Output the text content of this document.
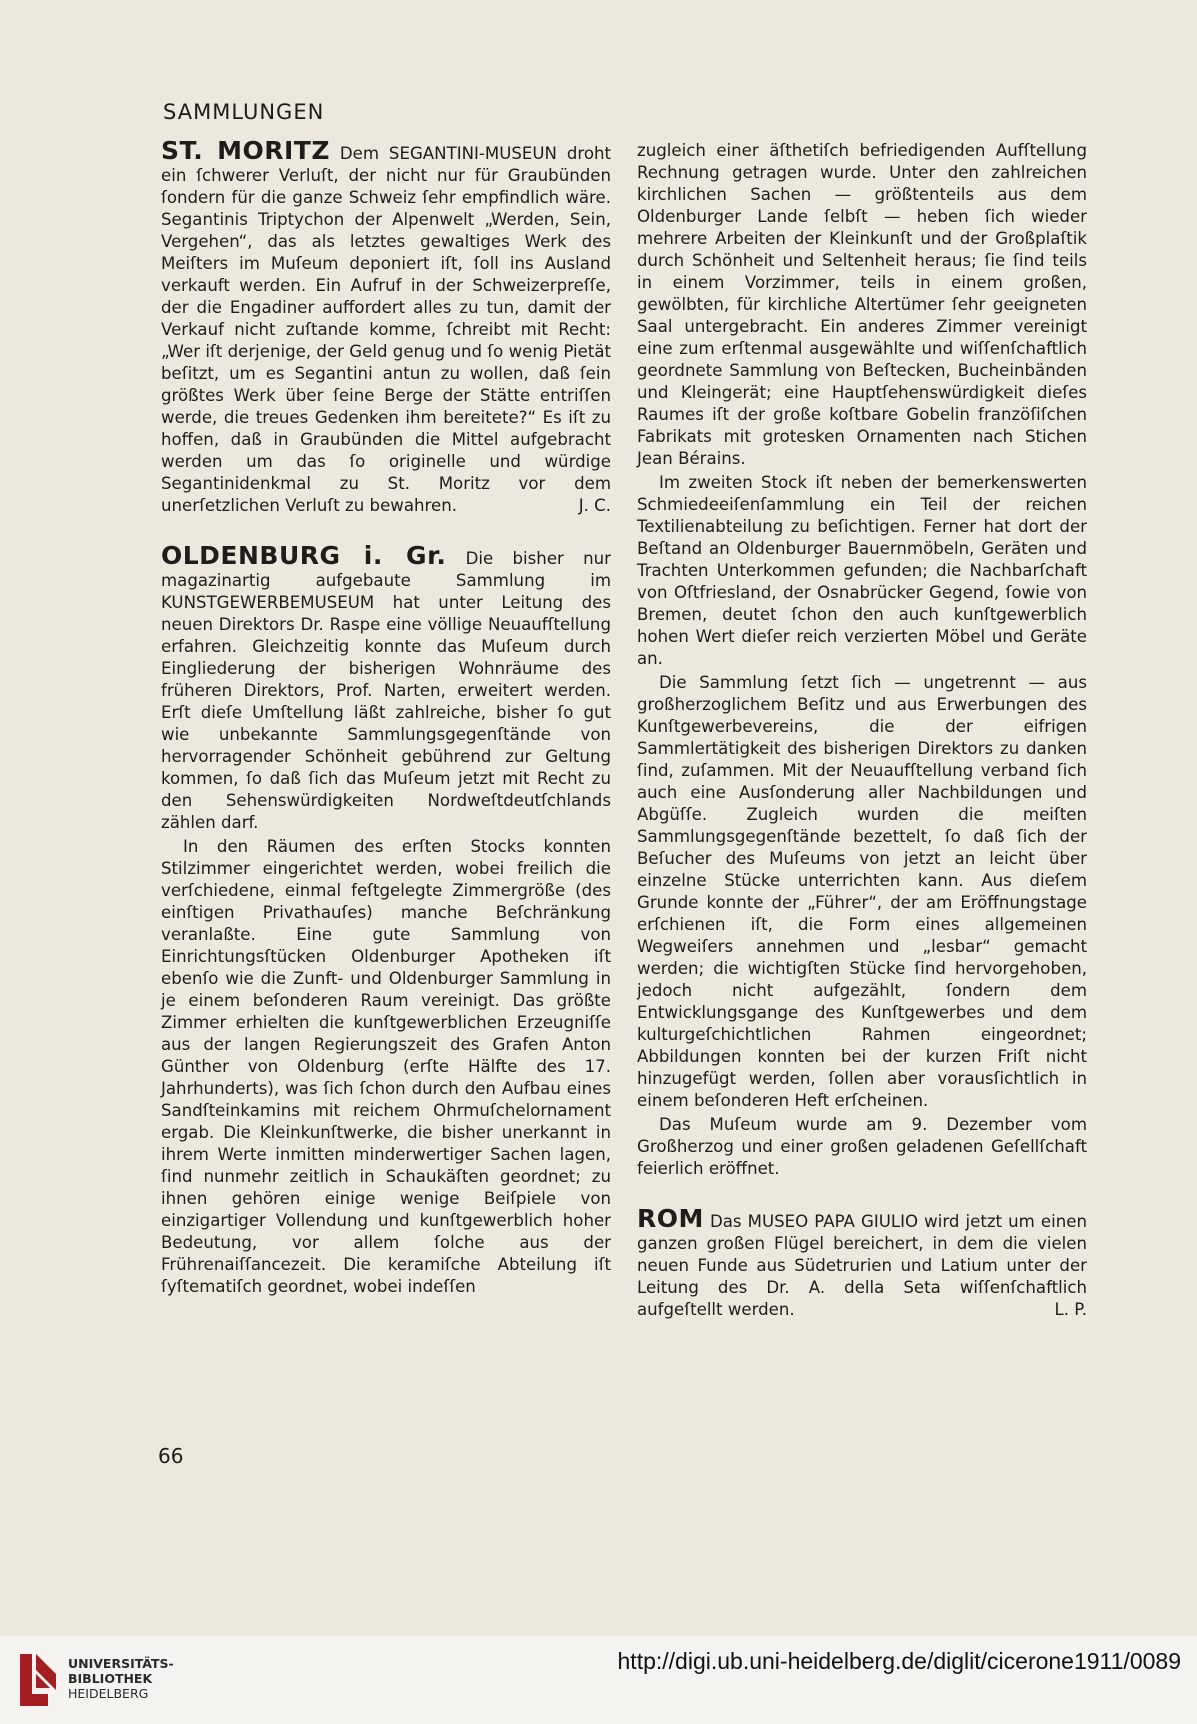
SAMMLUNGEN

ST. MORITZ Dem SEGANTINI-MUSEUN droht ein ſchwerer Verluſt, der nicht nur für Graubünden ſondern für die ganze Schweiz ſehr empfindlich wäre. Segantinis Triptychon der Alpenwelt „Werden, Sein, Vergehen“, das als letztes gewaltiges Werk des Meiſters im Muſeum deponiert iſt, ſoll ins Ausland verkauft werden. Ein Aufruf in der Schweizerpreſſe, der die Engadiner auffordert alles zu tun, damit der Verkauf nicht zuſtande komme, ſchreibt mit Recht: „Wer iſt derjenige, der Geld genug und ſo wenig Pietät beſitzt, um es Segantini antun zu wollen, daß ſein größtes Werk über ſeine Berge der Stätte entriſſen werde, die treues Gedenken ihm bereitete?“ Es iſt zu hoffen, daß in Graubünden die Mittel aufgebracht werden um das ſo originelle und würdige Segantinidenkmal zu St. Moritz vor dem unerſetzlichen Verluſt zu bewahren.	J. C.

OLDENBURG i. Gr. Die bisher nur magazinartig aufgebaute Sammlung im KUNSTGEWERBEMUSEUM hat unter Leitung des neuen Direktors Dr. Raspe eine völlige Neuaufſtellung erfahren. Gleichzeitig konnte das Muſeum durch Eingliederung der bisherigen Wohnräume des früheren Direktors, Prof. Narten, erweitert werden. Erſt dieſe Umſtellung läßt zahlreiche, bisher ſo gut wie unbekannte Sammlungsgegenſtände von hervorragender Schönheit gebührend zur Geltung kommen, ſo daß ſich das Muſeum jetzt mit Recht zu den Sehenswürdigkeiten Nordweſtdeutſchlands zählen darf.

In den Räumen des erſten Stocks konnten Stilzimmer eingerichtet werden, wobei freilich die verſchiedene, einmal feſtgelegte Zimmergröße (des einſtigen Privathauſes) manche Beſchränkung veranlaßte. Eine gute Sammlung von Einrichtungsſtücken Oldenburger Apotheken iſt ebenſo wie die Zunft- und Oldenburger Sammlung in je einem beſonderen Raum vereinigt. Das größte Zimmer erhielten die kunſtgewerblichen Erzeugniſſe aus der langen Regierungszeit des Grafen Anton Günther von Oldenburg (erſte Hälfte des 17. Jahrhunderts), was ſich ſchon durch den Aufbau eines Sandſteinkamins mit reichem Ohrmuſchelornament ergab. Die Kleinkunſtwerke, die bisher unerkannt in ihrem Werte inmitten minderwertiger Sachen lagen, ſind nunmehr zeitlich in Schaukäſten geordnet; zu ihnen gehören einige wenige Beiſpiele von einzigartiger Vollendung und kunſtgewerblich hoher Bedeutung, vor allem ſolche aus der Frührenaiſſancezeit. Die keramiſche Abteilung iſt ſyſtematiſch geordnet, wobei indeſſen

zugleich einer äſthetiſch befriedigenden Aufſtellung Rechnung getragen wurde. Unter den zahlreichen kirchlichen Sachen — größtenteils aus dem Oldenburger Lande ſelbſt — heben ſich wieder mehrere Arbeiten der Kleinkunſt und der Großplaſtik durch Schönheit und Seltenheit heraus; ſie ſind teils in einem Vorzimmer, teils in einem großen, gewölbten, für kirchliche Altertümer ſehr geeigneten Saal untergebracht. Ein anderes Zimmer vereinigt eine zum erſtenmal ausgewählte und wiſſenſchaftlich geordnete Sammlung von Beſtecken, Bucheinbänden und Kleingerät; eine Hauptſehenswürdigkeit dieſes Raumes iſt der große koſtbare Gobelin franzöſiſchen Fabrikats mit grotesken Ornamenten nach Stichen Jean Bérains.

Im zweiten Stock iſt neben der bemerkenswerten Schmiedeeiſenſammlung ein Teil der reichen Textilienabteilung zu beſichtigen. Ferner hat dort der Beſtand an Oldenburger Bauernmöbeln, Geräten und Trachten Unterkommen gefunden; die Nachbarſchaft von Oſtfriesland, der Osnabrücker Gegend, ſowie von Bremen, deutet ſchon den auch kunſtgewerblich hohen Wert dieſer reich verzierten Möbel und Geräte an.

Die Sammlung ſetzt ſich — ungetrennt — aus großherzoglichem Beſitz und aus Erwerbungen des Kunſtgewerbevereins, die der eifrigen Sammlertätigkeit des bisherigen Direktors zu danken ſind, zuſammen. Mit der Neuaufſtellung verband ſich auch eine Ausſonderung aller Nachbildungen und Abgüſſe. Zugleich wurden die meiſten Sammlungsgegenſtände bezettelt, ſo daß ſich der Beſucher des Muſeums von jetzt an leicht über einzelne Stücke unterrichten kann. Aus dieſem Grunde konnte der „Führer“, der am Eröffnungstage erſchienen iſt, die Form eines allgemeinen Wegweiſers annehmen und „lesbar“ gemacht werden; die wichtigſten Stücke ſind hervorgehoben, jedoch nicht aufgezählt, ſondern dem Entwicklungsgange des Kunſtgewerbes und dem kulturgeſchichtlichen Rahmen eingeordnet; Abbildungen konnten bei der kurzen Friſt nicht hinzugefügt werden, ſollen aber vorausſichtlich in einem beſonderen Heft erſcheinen.

Das Muſeum wurde am 9. Dezember vom Großherzog und einer großen geladenen Geſellſchaft feierlich eröffnet.

ROM Das MUSEO PAPA GIULIO wird jetzt um einen ganzen großen Flügel bereichert, in dem die vielen neuen Funde aus Südetrurien und Latium unter der Leitung des Dr. A. della Seta wiſſenſchaftlich aufgeſtellt werden.	L. P.

66
UNIVERSITÄTS-
BIBLIOTHEK
HEIDELBERG
http://digi.ub.uni-heidelberg.de/diglit/cicerone1911/0089
